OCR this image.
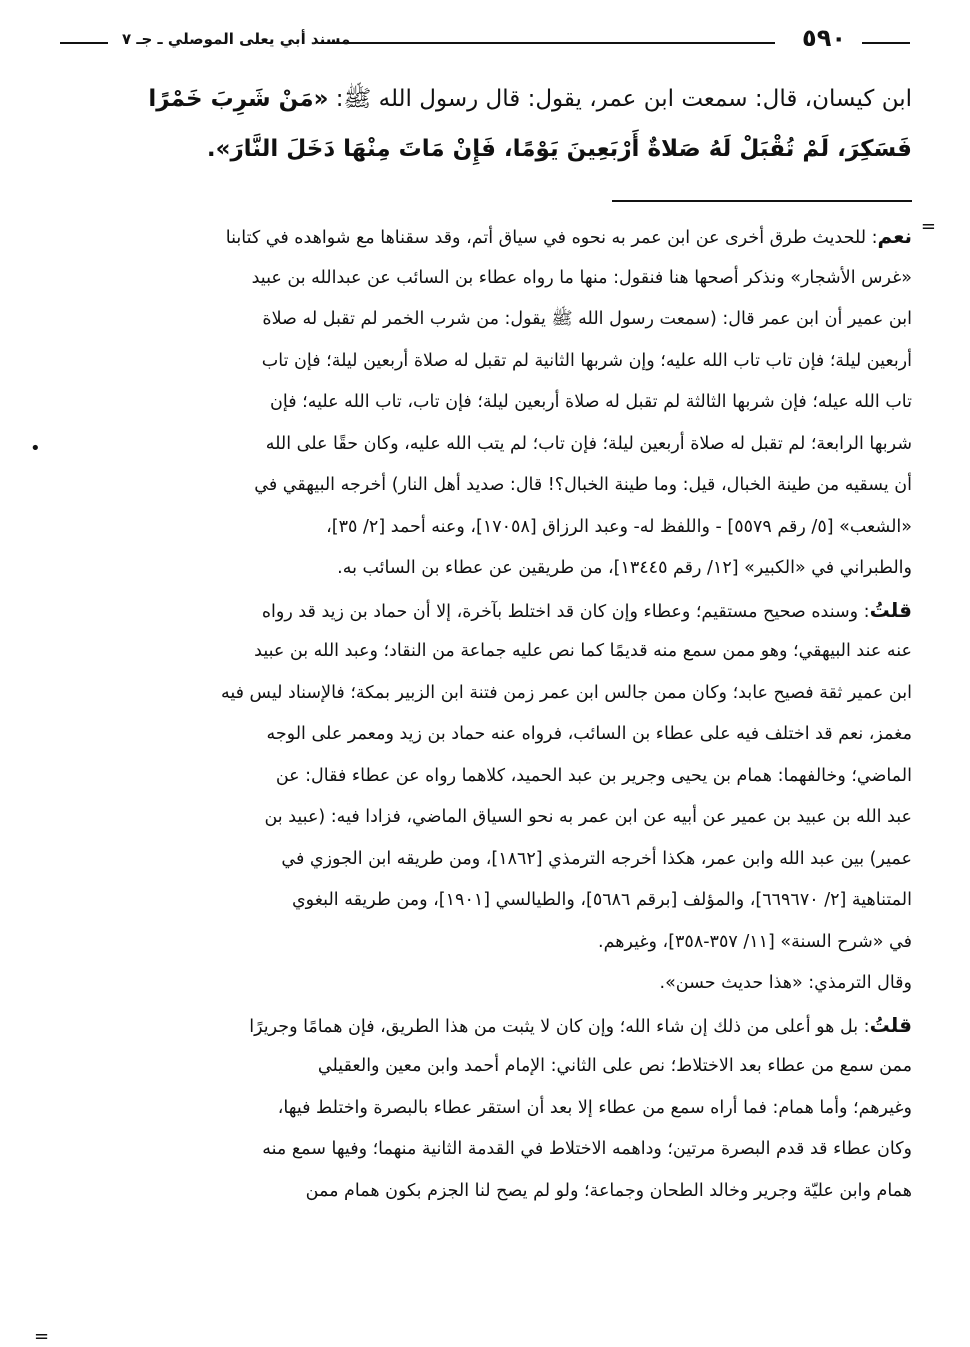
٥٩٠
مسند أبي يعلى الموصلي ـ جـ ٧

ابن كيسان، قال: سمعت ابن عمر، يقول: قال رسول الله ﷺ: «مَنْ شَرِبَ خَمْرًا

فَسَكِرَ، لَمْ تُقْبَلْ لَهُ صَلاةٌ أَرْبَعِينَ يَوْمًا، فَإِنْ مَاتَ مِنْهَا دَخَلَ النَّارَ».

=
•
نعم: للحديث طرق أخرى عن ابن عمر به نحوه في سياق أتم، وقد سقناها مع شواهده في كتابنا
«غرس الأشجار» ونذكر أصحها هنا فنقول: منها ما رواه عطاء بن السائب عن عبدالله بن عبيد
ابن عمير أن ابن عمر قال: (سمعت رسول الله ﷺ يقول: من شرب الخمر لم تقبل له صلاة
أربعين ليلة؛ فإن تاب تاب الله عليه؛ وإن شربها الثانية لم تقبل له صلاة أربعين ليلة؛ فإن تاب
تاب الله عيله؛ فإن شربها الثالثة لم تقبل له صلاة أربعين ليلة؛ فإن تاب، تاب الله عليه؛ فإن
شربها الرابعة؛ لم تقبل له صلاة أربعين ليلة؛ فإن تاب؛ لم يتب الله عليه، وكان حقًا على الله
أن يسقيه من طينة الخبال، قيل: وما طينة الخبال؟! قال: صديد أهل النار) أخرجه البيهقي في
«الشعب» [٥/ رقم ٥٥٧٩] - واللفظ له- وعبد الرزاق [١٧٠٥٨]، وعنه أحمد [٢/ ٣٥]،
والطبراني في «الكبير» [١٢/ رقم ١٣٤٤٥]، من طريقين عن عطاء بن السائب به.
قلتُ: وسنده صحيح مستقيم؛ وعطاء وإن كان قد اختلط بآخرة، إلا أن حماد بن زيد قد رواه
عنه عند البيهقي؛ وهو ممن سمع منه قديمًا كما نص عليه جماعة من النقاد؛ وعبد الله بن عبيد
ابن عمير ثقة فصيح عابد؛ وكان ممن جالس ابن عمر زمن فتنة ابن الزبير بمكة؛ فالإسناد ليس فيه
مغمز، نعم قد اختلف فيه على عطاء بن السائب، فرواه عنه حماد بن زيد ومعمر على الوجه
الماضي؛ وخالفهما: همام بن يحيى وجرير بن عبد الحميد، كلاهما رواه عن عطاء فقال: عن
عبد الله بن عبيد بن عمير عن أبيه عن ابن عمر به نحو السياق الماضي، فزادا فيه: (عبيد بن
عمير) بين عبد الله وابن عمر، هكذا أخرجه الترمذي [١٨٦٢]، ومن طريقه ابن الجوزي في
المتناهية [٢/ ٦٦٩٦٧٠]، والمؤلف [برقم ٥٦٨٦]، والطيالسي [١٩٠١]، ومن طريقه البغوي
في «شرح السنة» [١١/ ٣٥٧-٣٥٨]، وغيرهم.
وقال الترمذي: «هذا حديث حسن».
قلتُ: بل هو أعلى من ذلك إن شاء الله؛ وإن كان لا يثبت من هذا الطريق، فإن همامًا وجريرًا
ممن سمع من عطاء بعد الاختلاط؛ نص على الثاني: الإمام أحمد وابن معين والعقيلي
وغيرهم؛ وأما همام: فما أراه سمع من عطاء إلا بعد أن استقر عطاء بالبصرة واختلط فيها،
وكان عطاء قد قدم البصرة مرتين؛ وداهمه الاختلاط في القدمة الثانية منهما؛ وفيها سمع منه
همام وابن عليّة وجرير وخالد الطحان وجماعة؛ ولو لم يصح لنا الجزم بكون همام ممن
=
